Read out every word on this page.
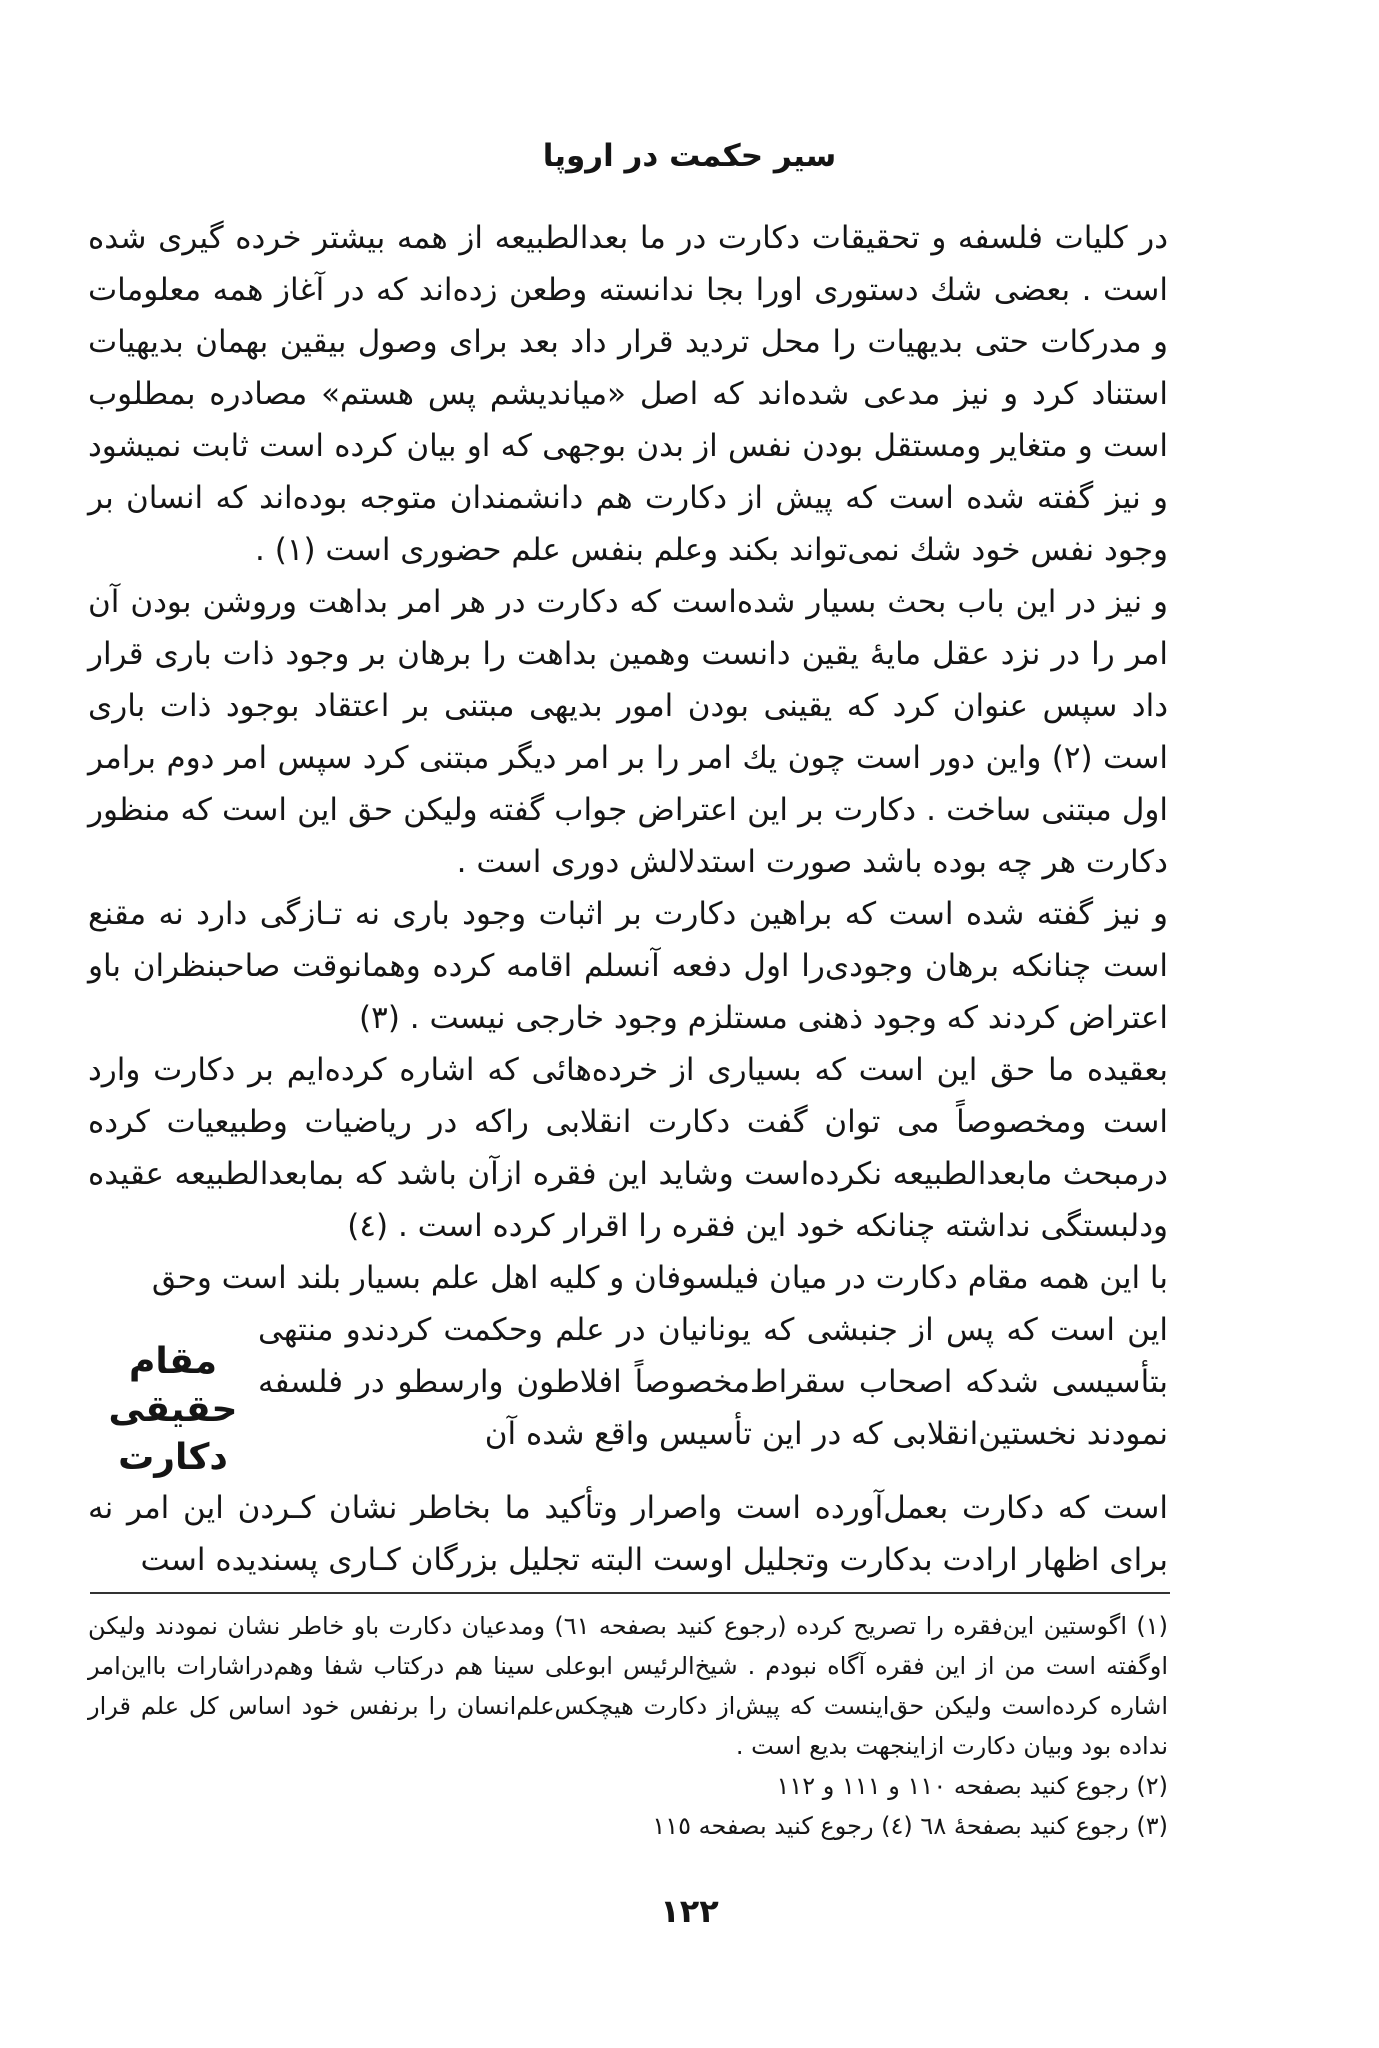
سیر حکمت در اروپا

در کلیات فلسفه و تحقیقات دکارت در ما بعدالطبیعه از همه بیشتر خرده گیری شده است . بعضی شك دستوری اورا بجا ندانسته وطعن زده‌اند که در آغاز همه معلومات و مدرکات حتی بدیهیات را محل تردید قرار داد بعد برای وصول بیقین بهمان بدیهیات استناد کرد و نیز مدعی شده‌اند که اصل «میاندیشم پس هستم» مصادره بمطلوب است و متغایر ومستقل بودن نفس از بدن بوجهی که او بیان کرده است ثابت نمیشود و نیز گفته شده است که پیش از دکارت هم دانشمندان متوجه بوده‌اند که انسان بر وجود نفس خود شك نمی‌تواند بکند وعلم بنفس علم حضوری است (۱) .

و نیز در این باب بحث بسیار شده‌است که دکارت در هر امر بداهت وروشن بودن آن امر را در نزد عقل مایهٔ یقین دانست وهمین بداهت را برهان بر وجود ذات باری قرار داد سپس عنوان کرد که یقینی بودن امور بدیهی مبتنی بر اعتقاد بوجود ذات باری است (۲) واین دور است چون یك امر را بر امر دیگر مبتنی کرد سپس امر دوم برامر اول مبتنی ساخت . دکارت بر این اعتراض جواب گفته ولیکن حق این است که منظور دکارت هر چه بوده باشد صورت استدلالش دوری است .

و نیز گفته شده است که براهین دکارت بر اثبات وجود باری نه تـازگی دارد نه مقنع است چنانکه برهان وجودی‌را اول دفعه آنسلم اقامه کرده وهمانوقت صاحبنظران باو اعتراض کردند که وجود ذهنی مستلزم وجود خارجی نیست . (۳)

بعقیده ما حق این است که بسیاری از خرده‌هائی که اشاره کرده‌ایم بر دکارت وارد است ومخصوصاً می توان گفت دکارت انقلابی راکه در ریاضیات وطبیعیات کرده درمبحث مابعدالطبیعه نکرده‌است وشاید این فقره ازآن باشد که بمابعدالطبیعه عقیده ودلبستگی نداشته چنانکه خود این فقره را اقرار کرده است . (٤)

با این همه مقام دکارت در میان فیلسوفان و کلیه اهل علم بسیار بلند است وحق

این است که پس از جنبشی که یونانیان در علم وحکمت کردندو منتهی بتأسیسی شدکه اصحاب سقراط‌مخصوصاً افلاطون وارسطو در فلسفه نمودند نخستین‌انقلابی که در این تأسیس واقع شده آن
مقام حقیقی دکارت

است که دکارت بعمل‌آورده است واصرار وتأکید ما بخاطر نشان کـردن این امر نه برای اظهار ارادت بدکارت وتجلیل اوست البته تجلیل بزرگان کـاری پسندیده است

(۱) اگوستین این‌فقره را تصریح کرده (رجوع کنید بصفحه ٦١) ومدعیان دکارت باو خاطر نشان نمودند ولیکن اوگفته است من از این فقره آگاه نبودم . شیخ‌الرئیس ابوعلی سینا هم درکتاب شفا وهم‌دراشارات بااین‌امر اشاره کرده‌است ولیکن حق‌اینست که پیش‌از دکارت هیچکس‌علم‌انسان را برنفس خود اساس کل علم قرار نداده بود وبیان دکارت ازاینجهت بدیع است .

(۲) رجوع کنید بصفحه ۱۱۰ و ۱۱۱ و ۱۱۲

(۳) رجوع کنید بصفحهٔ ٦٨ (٤) رجوع کنید بصفحه ۱۱٥

۱۲۲
